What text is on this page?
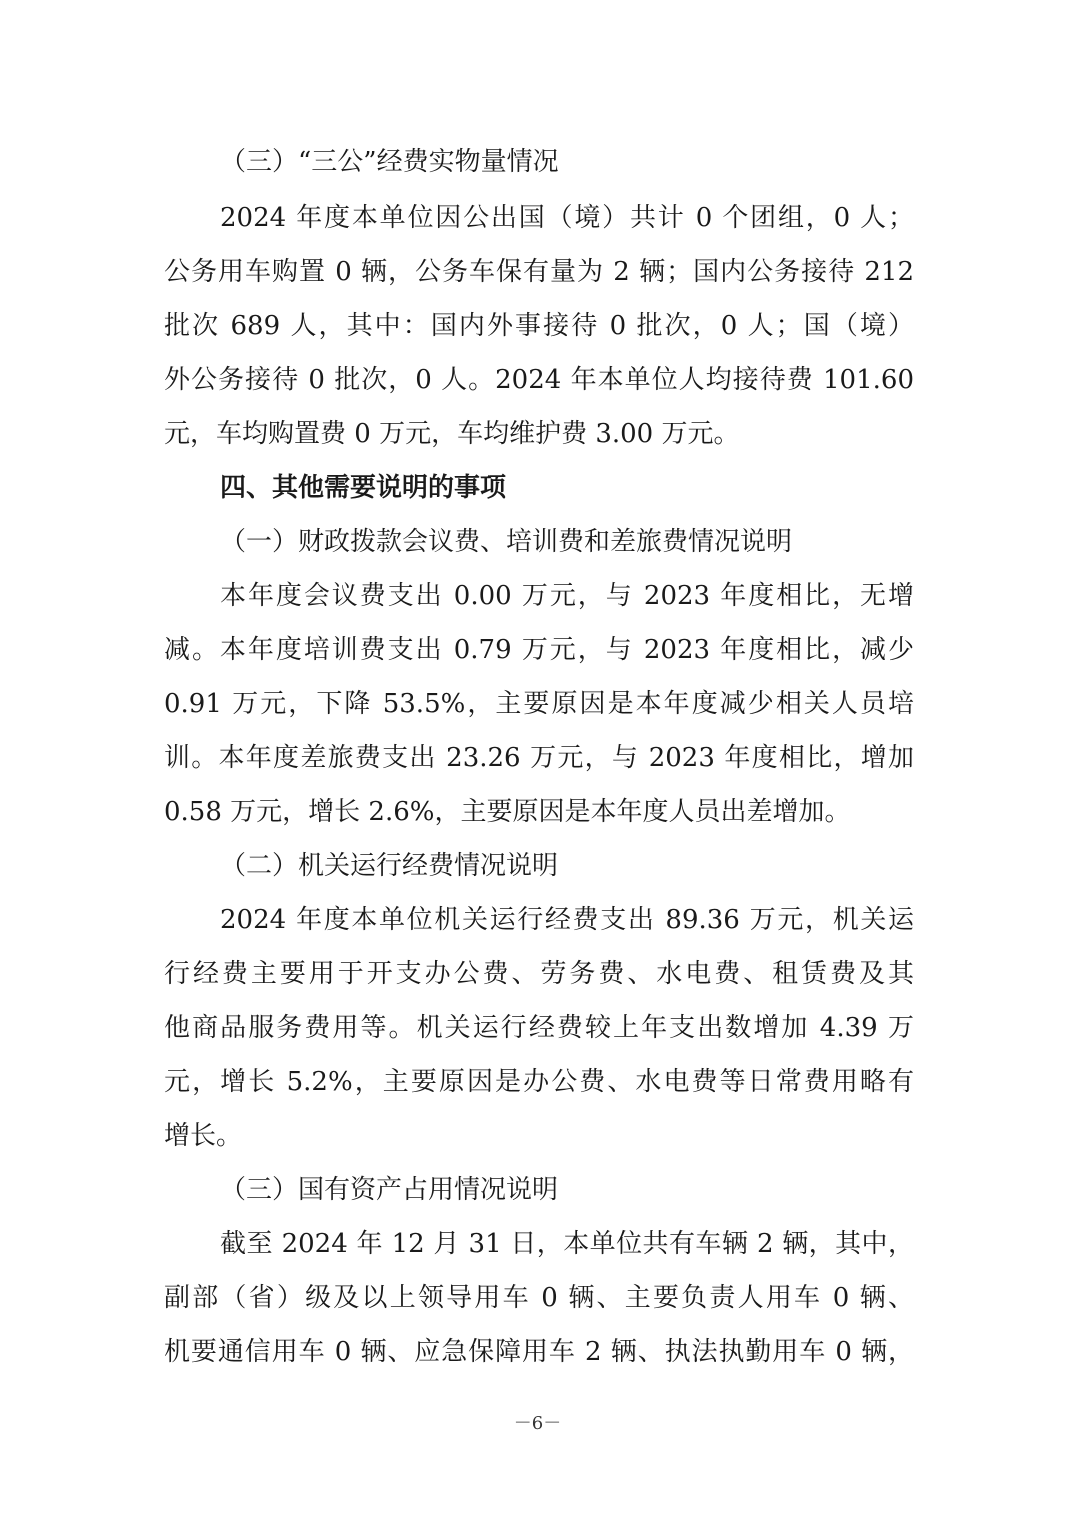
（三）“三公”经费实物量情况
2024 年度本单位因公出国（境）共计 0 个团组，0 人；
公务用车购置 0 辆，公务车保有量为 2 辆；国内公务接待 212
批次 689 人，其中：国内外事接待 0 批次，0 人；国（境）
外公务接待 0 批次，0 人。2024 年本单位人均接待费 101.60
元，车均购置费 0 万元，车均维护费 3.00 万元。
四、其他需要说明的事项
（一）财政拨款会议费、培训费和差旅费情况说明
本年度会议费支出 0.00 万元，与 2023 年度相比，无增
减。本年度培训费支出 0.79 万元，与 2023 年度相比，减少
0.91 万元，下降 53.5%，主要原因是本年度减少相关人员培
训。本年度差旅费支出 23.26 万元，与 2023 年度相比，增加
0.58 万元，增长 2.6%，主要原因是本年度人员出差增加。
（二）机关运行经费情况说明
2024 年度本单位机关运行经费支出 89.36 万元，机关运
行经费主要用于开支办公费、劳务费、水电费、租赁费及其
他商品服务费用等。机关运行经费较上年支出数增加 4.39 万
元，增长 5.2%，主要原因是办公费、水电费等日常费用略有
增长。
（三）国有资产占用情况说明
截至 2024 年 12 月 31 日，本单位共有车辆 2 辆，其中，
副部（省）级及以上领导用车 0 辆、主要负责人用车 0 辆、
机要通信用车 0 辆、应急保障用车 2 辆、执法执勤用车 0 辆，
－6－
